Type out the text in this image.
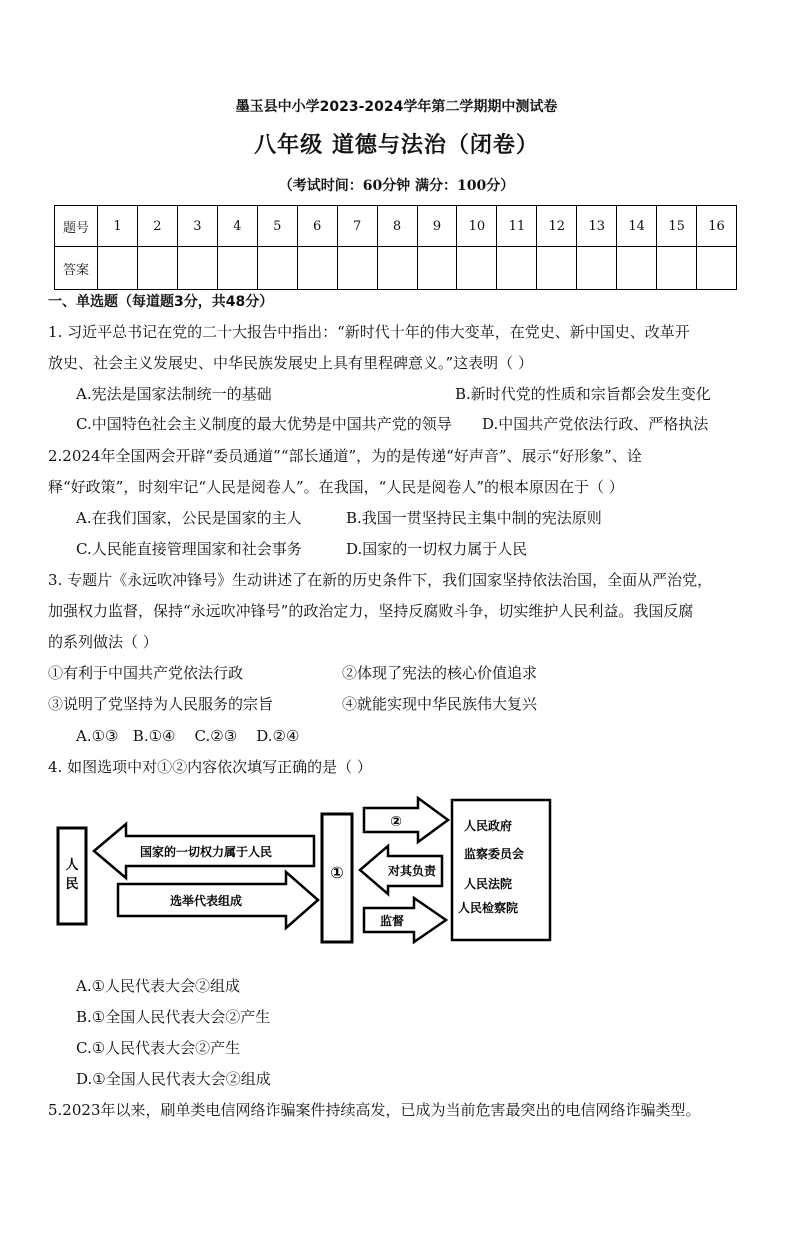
墨玉县中小学2023-2024学年第二学期期中测试卷
八年级 道德与法治（闭卷）
（考试时间：60分钟 满分：100分）
题号	1	2	3	4	5	6	7	8	9	10	11	12	13	14	15	16
答案																
一、单选题（每道题3分，共48分）
1. 习近平总书记在党的二十大报告中指出：“新时代十年的伟大变革，在党史、新中国史、改革开
放史、社会主义发展史、中华民族发展史上具有里程碑意义。”这表明（ ）
A.宪法是国家法制统一的基础	B.新时代党的性质和宗旨都会发生变化
C.中国特色社会主义制度的最大优势是中国共产党的领导 D.中国共产党依法行政、严格执法
2.2024年全国两会开辟“委员通道”“部长通道”，为的是传递“好声音”、展示“好形象”、诠
释“好政策”，时刻牢记“人民是阅卷人”。在我国，“人民是阅卷人”的根本原因在于（ ）
A.在我们国家，公民是国家的主人	B.我国一贯坚持民主集中制的宪法原则
C.人民能直接管理国家和社会事务	D.国家的一切权力属于人民
3. 专题片《永远吹冲锋号》生动讲述了在新的历史条件下，我们国家坚持依法治国，全面从严治党，
加强权力监督，保持“永远吹冲锋号”的政治定力，坚持反腐败斗争，切实维护人民利益。我国反腐
的系列做法（ ）
①有利于中国共产党依法行政	②体现了宪法的核心价值追求
③说明了党坚持为人民服务的宗旨	④就能实现中华民族伟大复兴
A.①③   B.①④    C.②③    D.②④
4. 如图选项中对①②内容依次填写正确的是（ ）
人
民
国家的一切权力属于人民
选举代表组成
①
②
对其负责
监督
人民政府
监察委员会
人民法院
人民检察院
A.①人民代表大会②组成
B.①全国人民代表大会②产生
C.①人民代表大会②产生
D.①全国人民代表大会②组成
5.2023年以来，刷单类电信网络诈骗案件持续高发，已成为当前危害最突出的电信网络诈骗类型。
